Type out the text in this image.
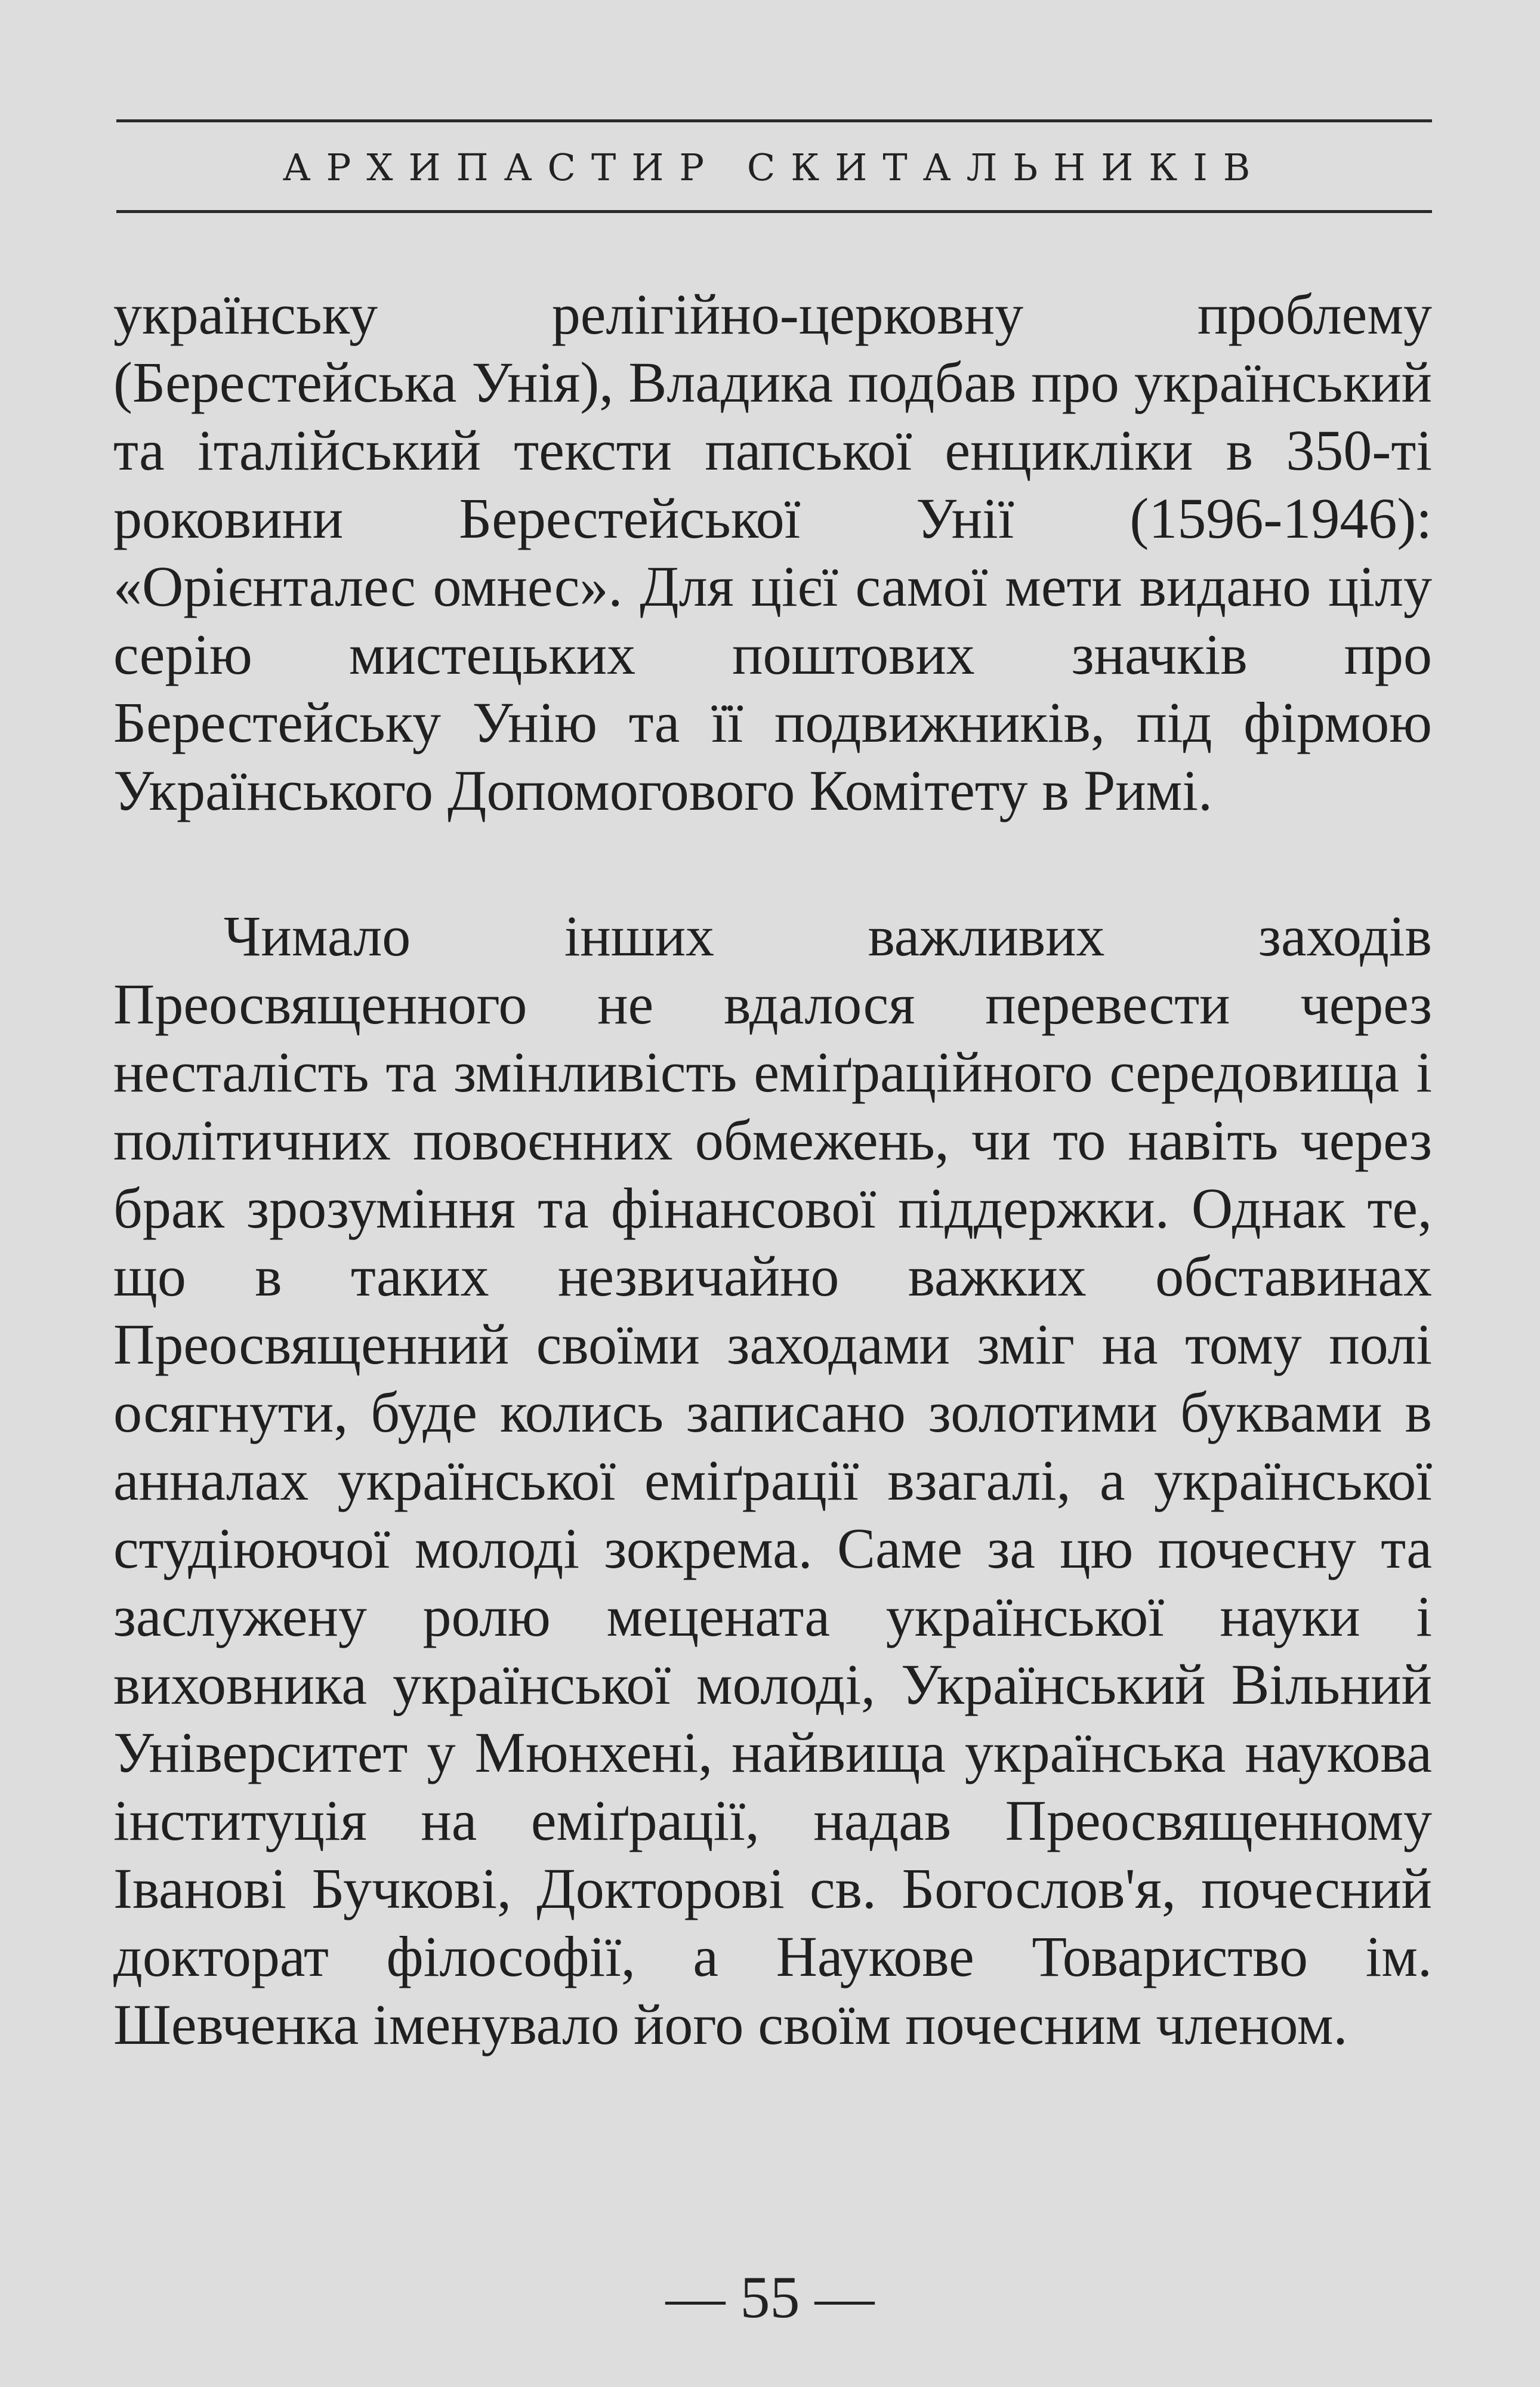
АРХИПАСТИР СКИТАЛЬНИКІВ

українську релігійно-церковну проблему (Берестейська Унія), Владика подбав про український та італійський тексти папської енцикліки в 350-ті роковини Берестейської Унії (1596-1946): «Орієнталес омнес». Для цієї самої мети видано цілу серію мистецьких поштових значків про Берестейську Унію та її подвижників, під фірмою Українського Допомогового Комітету в Римі.

Чимало інших важливих заходів Преосвященного не вдалося перевести через несталість та змінливість еміґраційного середовища і політичних повоєнних обмежень, чи то навіть через брак зрозуміння та фінансової піддержки. Однак те, що в таких незвичайно важких обставинах Преосвященний своїми заходами зміг на тому полі осягнути, буде колись записано золотими буквами в анналах української еміґрації взагалі, а української студіюючої молоді зокрема. Саме за цю почесну та заслужену ролю мецената української науки і виховника української молоді, Український Вільний Університет у Мюнхені, найвища українська наукова інституція на еміґрації, надав Преосвященному Іванові Бучкові, Докторові св. Богослов'я, почесний докторат філософії, а Наукове Товариство ім. Шевченка іменувало його своїм почесним членом.

— 55 —
